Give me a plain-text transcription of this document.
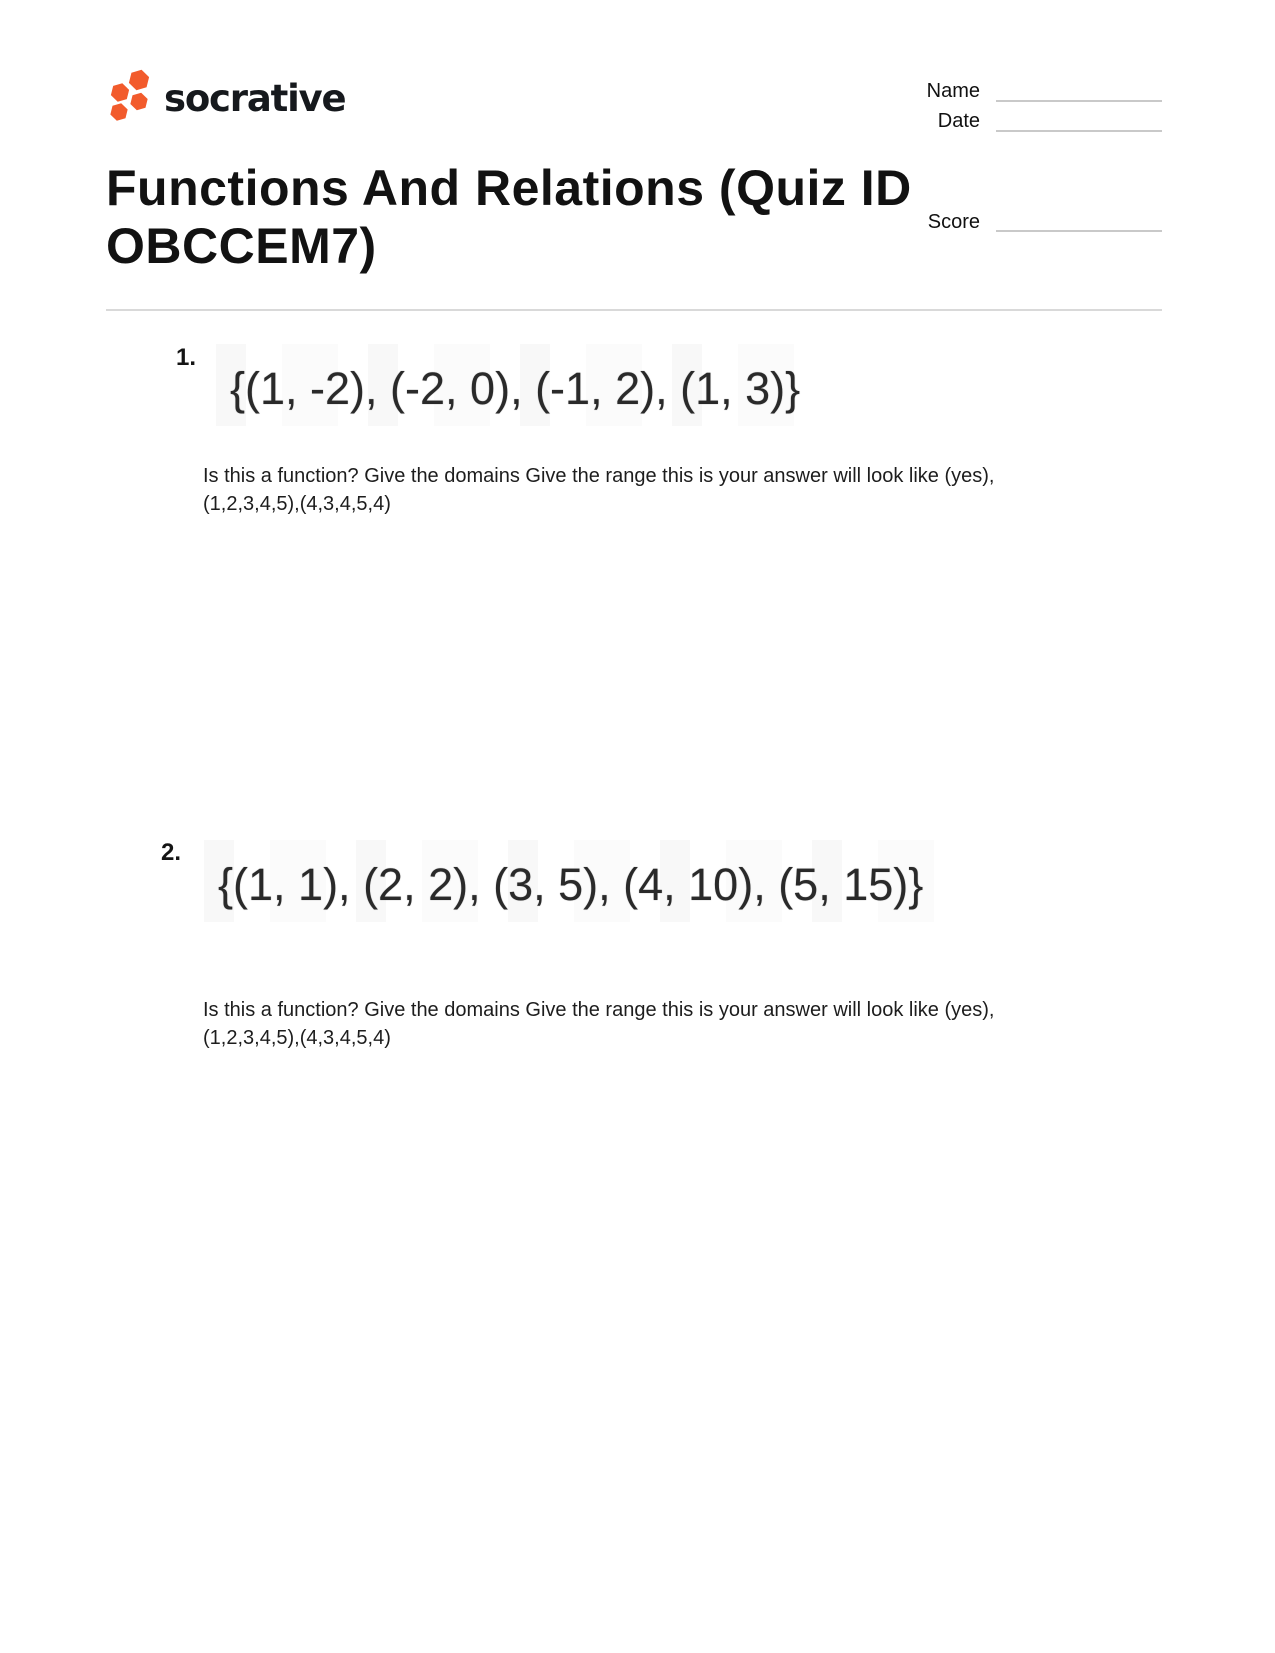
socrative	Name
Date
Score
Functions And Relations (Quiz ID OBCCEM7)
1.
{(1, -2), (-2, 0), (-1, 2), (1, 3)}
Is this a function? Give the domains Give the range this is your answer will look like (yes),
(1,2,3,4,5),(4,3,4,5,4)
2.
{(1, 1), (2, 2), (3, 5), (4, 10), (5, 15)}
Is this a function? Give the domains Give the range this is your answer will look like (yes),
(1,2,3,4,5),(4,3,4,5,4)
